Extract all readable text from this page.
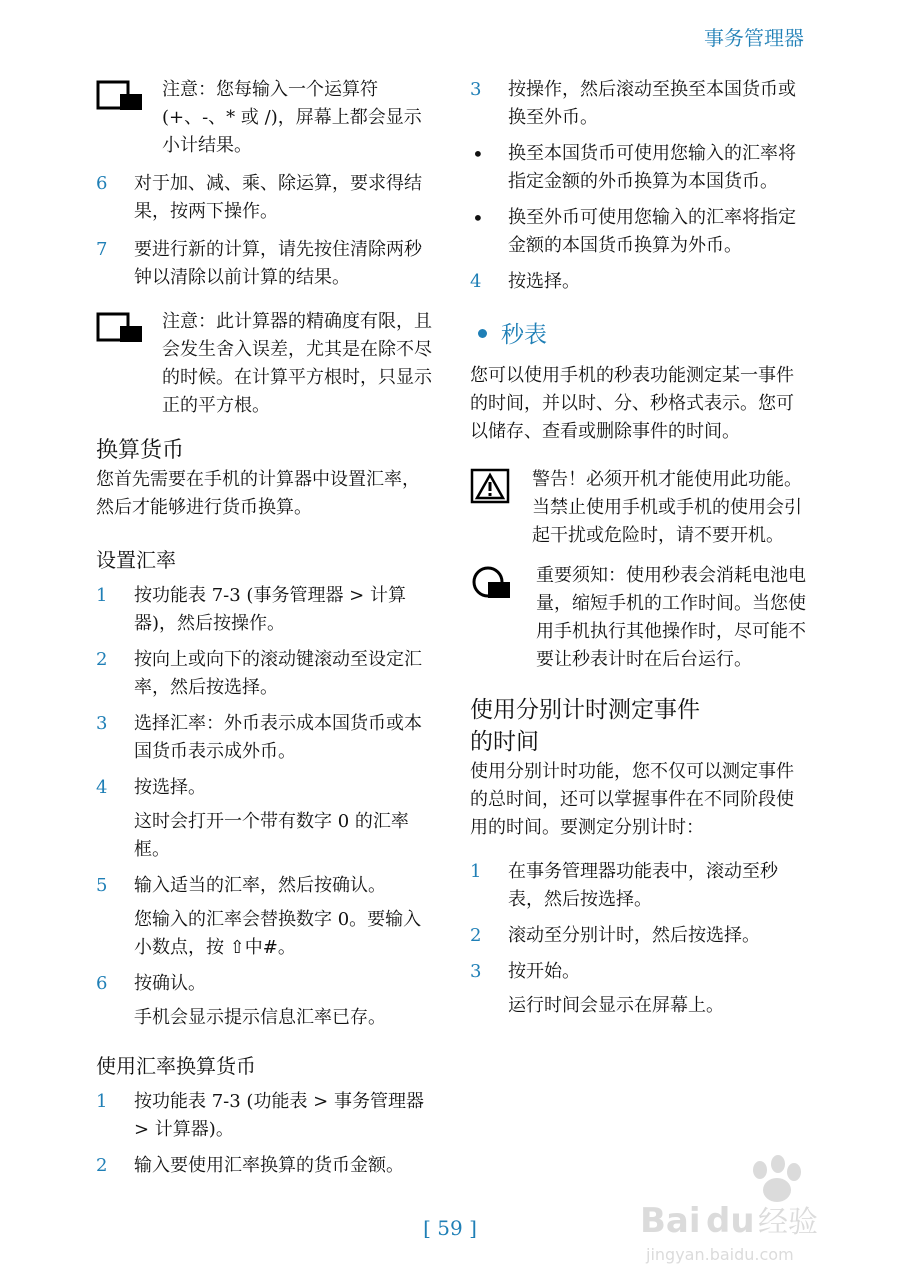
事务管理器
注意：您每输入一个运算符 (+、-、* 或 /)，屏幕上都会显示小计结果。

6 对于加、减、乘、除运算，要求得结果，按两下操作。

7 要进行新的计算，请先按住清除两秒钟以清除以前计算的结果。

注意：此计算器的精确度有限，且会发生舍入误差，尤其是在除不尽的时候。在计算平方根时，只显示正的平方根。
换算货币

您首先需要在手机的计算器中设置汇率，然后才能够进行货币换算。

设置汇率

1 按功能表 7-3 (事务管理器 > 计算器)，然后按操作。

2 按向上或向下的滚动键滚动至设定汇率，然后按选择。

3 选择汇率：外币表示成本国货币或本国货币表示成外币。

4 按选择。

这时会打开一个带有数字 0 的汇率框。

5 输入适当的汇率，然后按确认。

您输入的汇率会替换数字 0。要输入小数点，按 ⇧中#。

6 按确认。

手机会显示提示信息汇率已存。

使用汇率换算货币

1 按功能表 7-3 (功能表 > 事务管理器 > 计算器)。

2 输入要使用汇率换算的货币金额。

3 按操作，然后滚动至换至本国货币或换至外币。

• 换至本国货币可使用您输入的汇率将指定金额的外币换算为本国货币。

• 换至外币可使用您输入的汇率将指定金额的本国货币换算为外币。

4 按选择。

秒表

您可以使用手机的秒表功能测定某一事件的时间，并以时、分、秒格式表示。您可以储存、查看或删除事件的时间。

警告！必须开机才能使用此功能。当禁止使用手机或手机的使用会引起干扰或危险时，请不要开机。
重要须知：使用秒表会消耗电池电量，缩短手机的工作时间。当您使用手机执行其他操作时，尽可能不要让秒表计时在后台运行。
使用分别计时测定事件
的时间

使用分别计时功能，您不仅可以测定事件的总时间，还可以掌握事件在不同阶段使用的时间。要测定分别计时：

1 在事务管理器功能表中，滚动至秒表，然后按选择。

2 滚动至分别计时，然后按选择。

3 按开始。

运行时间会显示在屏幕上。

Bai du 经验
jingyan.baidu.com
[ 59 ]
